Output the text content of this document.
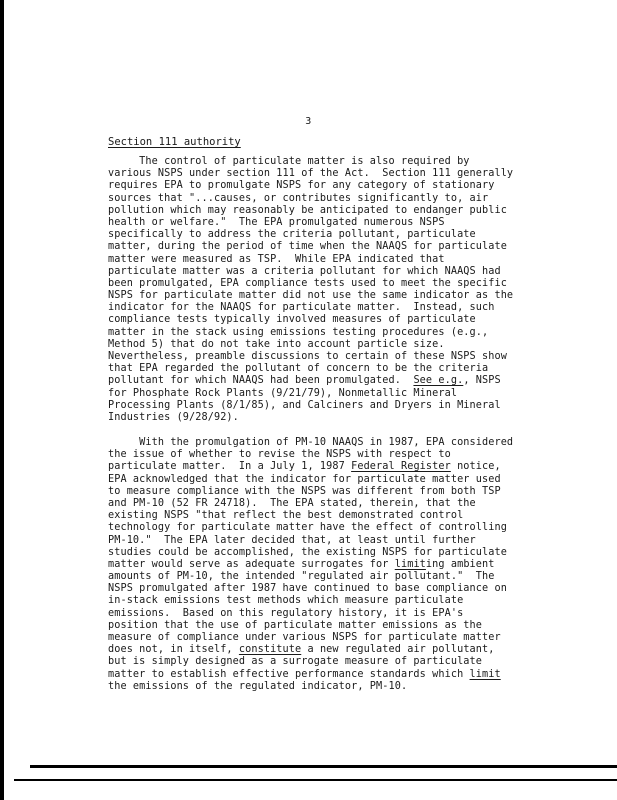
3
Section 111 authority
The control of particulate matter is also required by
various NSPS under section 111 of the Act.  Section 111 generally
requires EPA to promulgate NSPS for any category of stationary
sources that "...causes, or contributes significantly to, air
pollution which may reasonably be anticipated to endanger public
health or welfare."  The EPA promulgated numerous NSPS
specifically to address the criteria pollutant, particulate
matter, during the period of time when the NAAQS for particulate
matter were measured as TSP.  While EPA indicated that
particulate matter was a criteria pollutant for which NAAQS had
been promulgated, EPA compliance tests used to meet the specific
NSPS for particulate matter did not use the same indicator as the
indicator for the NAAQS for particulate matter.  Instead, such
compliance tests typically involved measures of particulate
matter in the stack using emissions testing procedures (e.g.,
Method 5) that do not take into account particle size.
Nevertheless, preamble discussions to certain of these NSPS show
that EPA regarded the pollutant of concern to be the criteria
pollutant for which NAAQS had been promulgated.  See e.g., NSPS
for Phosphate Rock Plants (9/21/79), Nonmetallic Mineral
Processing Plants (8/1/85), and Calciners and Dryers in Mineral
Industries (9/28/92).
With the promulgation of PM-10 NAAQS in 1987, EPA considered
the issue of whether to revise the NSPS with respect to
particulate matter.  In a July 1, 1987 Federal Register notice,
EPA acknowledged that the indicator for particulate matter used
to measure compliance with the NSPS was different from both TSP
and PM-10 (52 FR 24718).  The EPA stated, therein, that the
existing NSPS "that reflect the best demonstrated control
technology for particulate matter have the effect of controlling
PM-10."  The EPA later decided that, at least until further
studies could be accomplished, the existing NSPS for particulate
matter would serve as adequate surrogates for limiting ambient
amounts of PM-10, the intended "regulated air pollutant."  The
NSPS promulgated after 1987 have continued to base compliance on
in-stack emissions test methods which measure particulate
emissions.  Based on this regulatory history, it is EPA's
position that the use of particulate matter emissions as the
measure of compliance under various NSPS for particulate matter
does not, in itself, constitute a new regulated air pollutant,
but is simply designed as a surrogate measure of particulate
matter to establish effective performance standards which limit
the emissions of the regulated indicator, PM-10.
